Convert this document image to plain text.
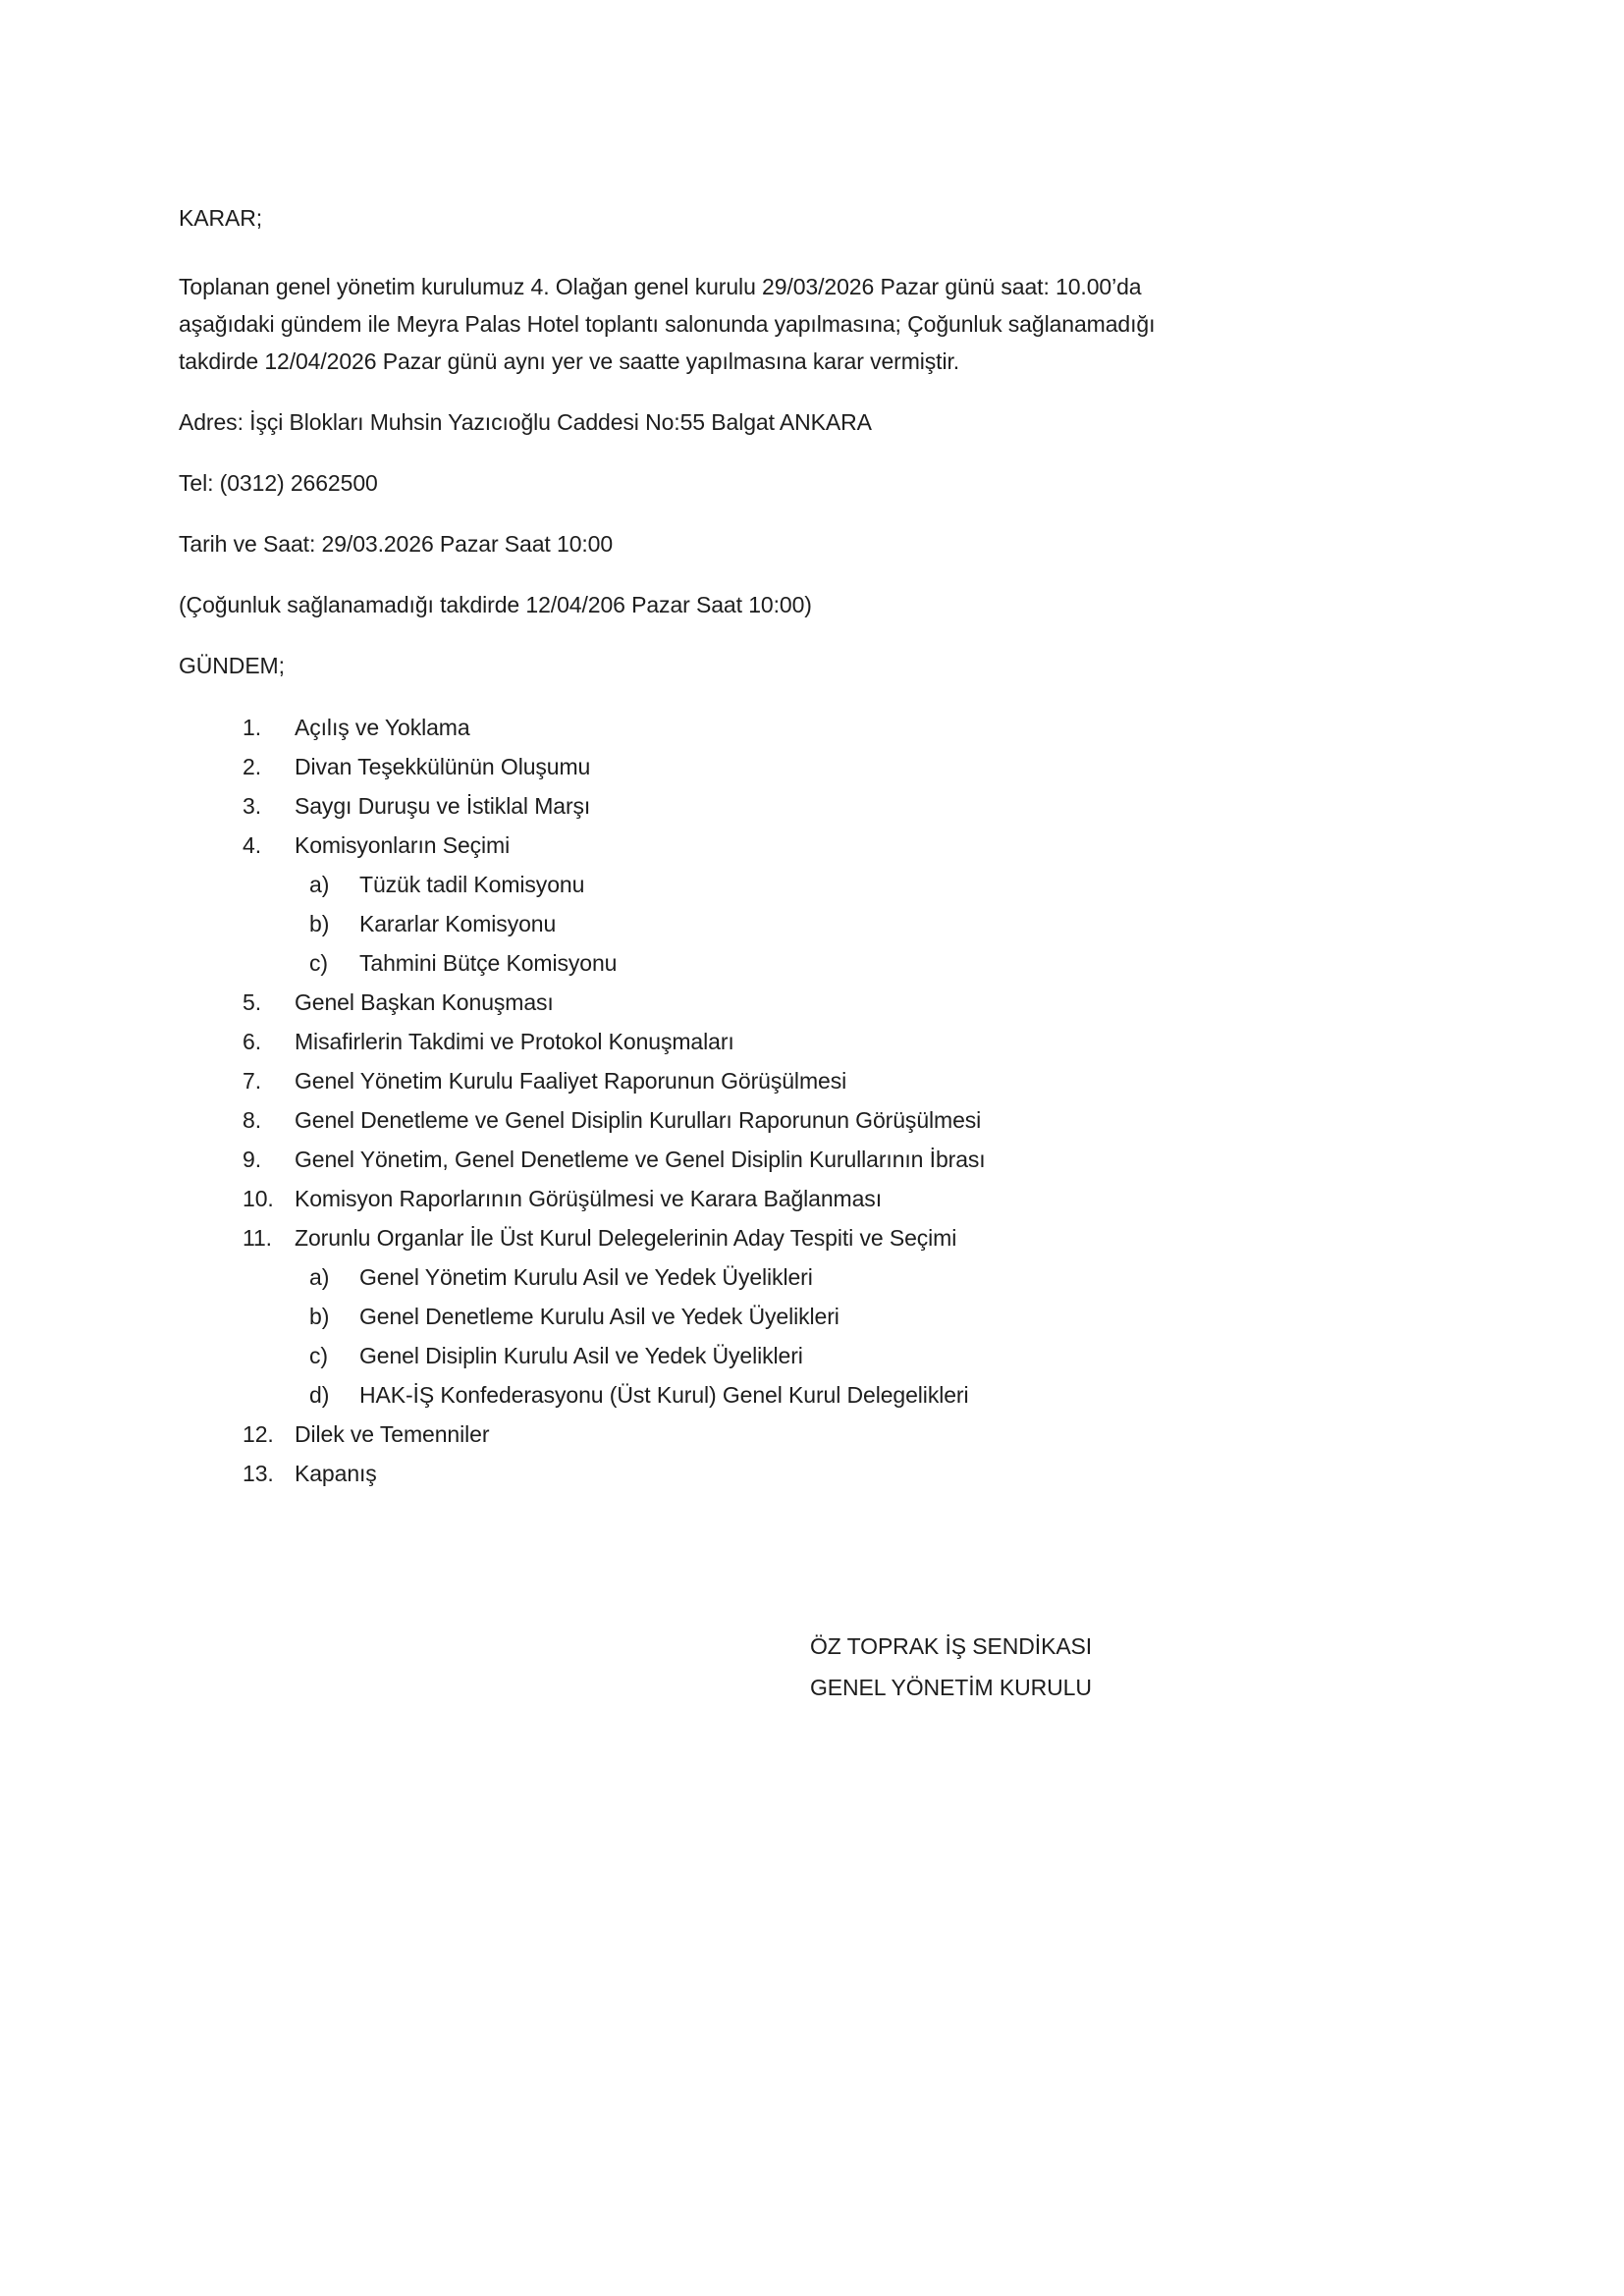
KARAR;

Toplanan genel yönetim kurulumuz 4. Olağan genel kurulu 29/03/2026 Pazar günü saat: 10.00’da
aşağıdaki gündem ile Meyra Palas Hotel toplantı salonunda yapılmasına; Çoğunluk sağlanamadığı
takdirde 12/04/2026 Pazar günü aynı yer ve saatte yapılmasına karar vermiştir.

Adres: İşçi Blokları Muhsin Yazıcıoğlu Caddesi No:55 Balgat ANKARA

Tel: (0312) 2662500

Tarih ve Saat: 29/03.2026 Pazar Saat 10:00

(Çoğunluk sağlanamadığı takdirde 12/04/206 Pazar Saat 10:00)

GÜNDEM;

1.	Açılış ve Yoklama
2.	Divan Teşekkülünün Oluşumu
3.	Saygı Duruşu ve İstiklal Marşı
4.	Komisyonların Seçimi
a)	Tüzük tadil Komisyonu
b)	Kararlar Komisyonu
c)	Tahmini Bütçe Komisyonu
5.	Genel Başkan Konuşması
6.	Misafirlerin Takdimi ve Protokol Konuşmaları
7.	Genel Yönetim Kurulu Faaliyet Raporunun Görüşülmesi
8.	Genel Denetleme ve Genel Disiplin Kurulları Raporunun Görüşülmesi
9.	Genel Yönetim, Genel Denetleme ve Genel Disiplin Kurullarının İbrası
10. Komisyon Raporlarının Görüşülmesi ve Karara Bağlanması
11.	Zorunlu Organlar İle Üst Kurul Delegelerinin Aday Tespiti ve Seçimi
a)	Genel Yönetim Kurulu Asil ve Yedek Üyelikleri
b)	Genel Denetleme Kurulu Asil ve Yedek Üyelikleri
c)	Genel Disiplin Kurulu Asil ve Yedek Üyelikleri
d)	HAK-İŞ Konfederasyonu (Üst Kurul) Genel Kurul Delegelikleri
12. Dilek ve Temenniler
13. Kapanış
ÖZ TOPRAK İŞ SENDİKASI
GENEL YÖNETİM KURULU
